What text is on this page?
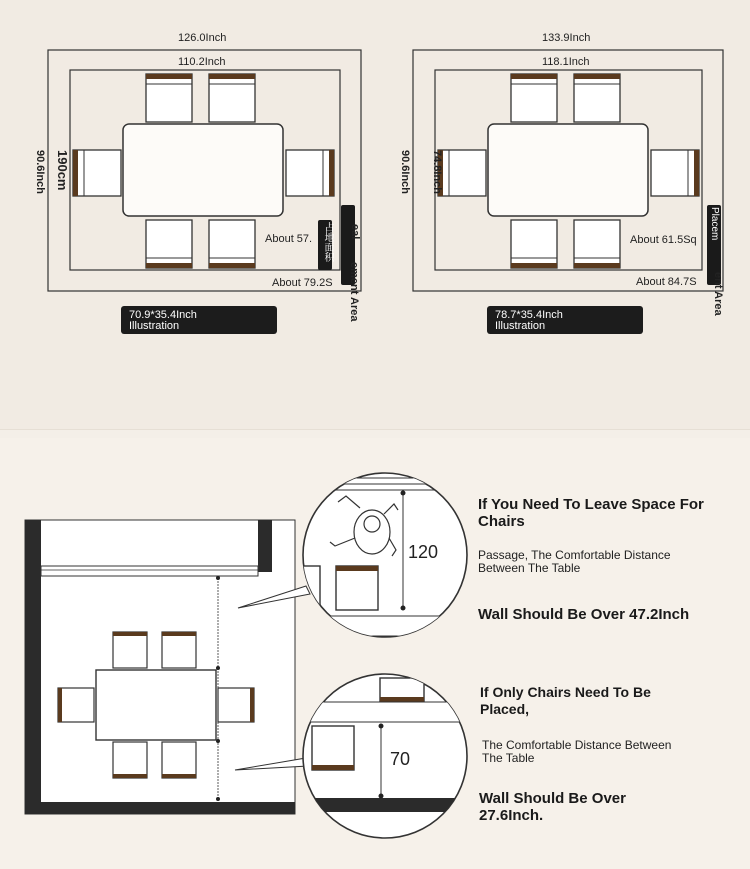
126.0Inch
110.2Inch
90.6Inch 190cm
About 57.
About 79.2S
占地面积 eal
ement Area
70.9*35.4Inch
Illustration
133.9Inch
118.1Inch
90.6Inch 74.8Inch
About 61.5Sq
About 84.7S
Placem
ent Area
78.7*35.4Inch
Illustration
120
70
If You Need To Leave Space For Chairs
Passage, The Comfortable Distance Between The Table
Wall Should Be Over 47.2Inch
If Only Chairs Need To Be Placed,
The Comfortable Distance Between The Table
Wall Should Be Over 27.6Inch.
